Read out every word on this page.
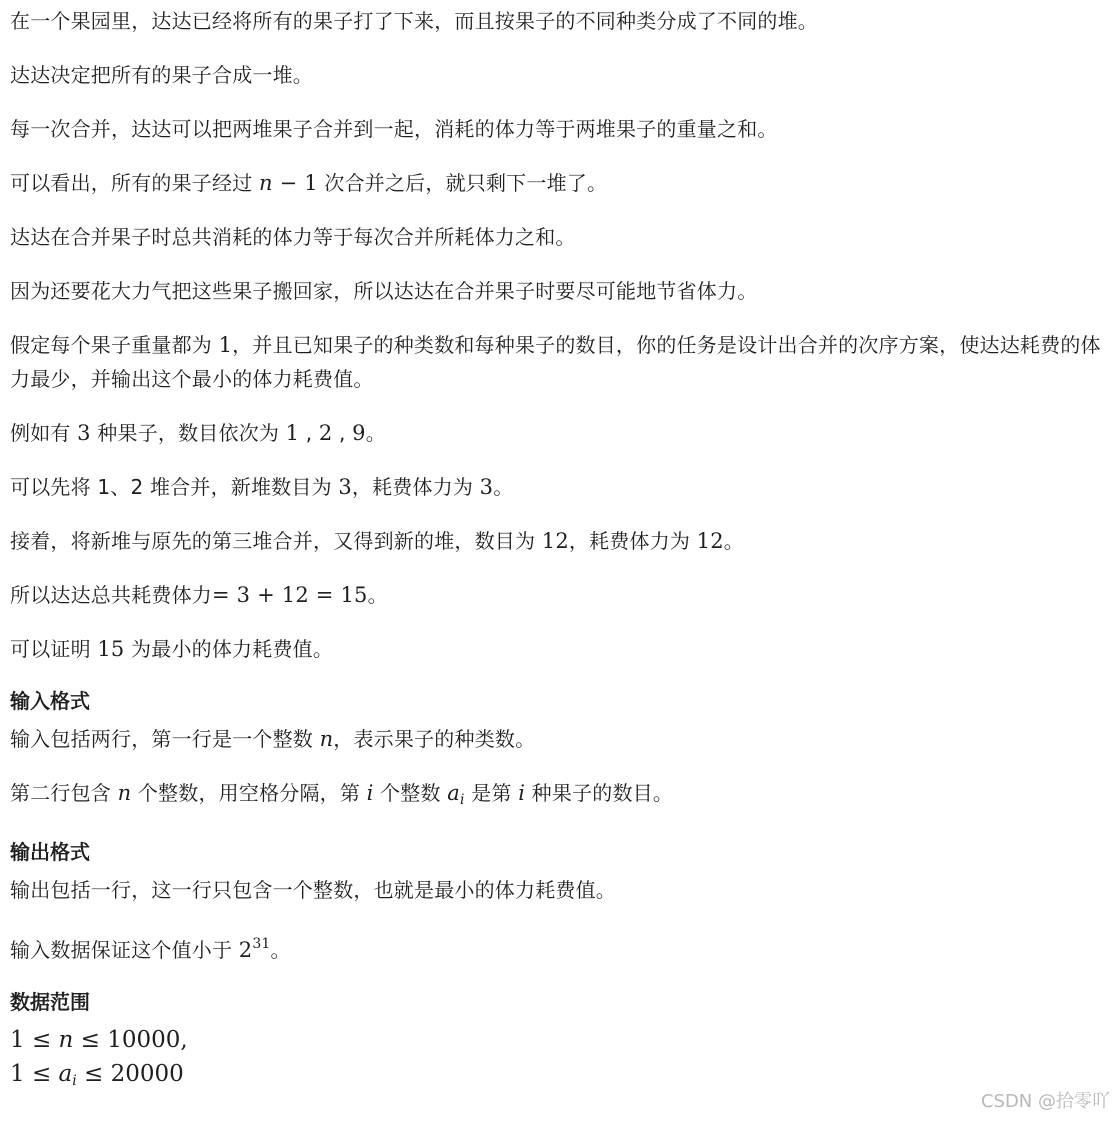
在一个果园里，达达已经将所有的果子打了下来，而且按果子的不同种类分成了不同的堆。

达达决定把所有的果子合成一堆。

每一次合并，达达可以把两堆果子合并到一起，消耗的体力等于两堆果子的重量之和。

可以看出，所有的果子经过 n − 1 次合并之后，就只剩下一堆了。

达达在合并果子时总共消耗的体力等于每次合并所耗体力之和。

因为还要花大力气把这些果子搬回家，所以达达在合并果子时要尽可能地节省体力。

假定每个果子重量都为 1，并且已知果子的种类数和每种果子的数目，你的任务是设计出合并的次序方案，使达达耗费的体力最少，并输出这个最小的体力耗费值。

例如有 3 种果子，数目依次为 1 , 2 , 9。

可以先将 1、2 堆合并，新堆数目为 3，耗费体力为 3。

接着，将新堆与原先的第三堆合并，又得到新的堆，数目为 12，耗费体力为 12。

所以达达总共耗费体力= 3 + 12 = 15。

可以证明 15 为最小的体力耗费值。

输入格式

输入包括两行，第一行是一个整数 n，表示果子的种类数。

第二行包含 n 个整数，用空格分隔，第 i 个整数 $a_i$ 是第 i 种果子的数目。

输出格式

输出包括一行，这一行只包含一个整数，也就是最小的体力耗费值。

输入数据保证这个值小于 $2^{31}$。

数据范围

1 ≤ n ≤ 10000,

$1 \le a_i \le 20000$

CSDN @拾零吖
